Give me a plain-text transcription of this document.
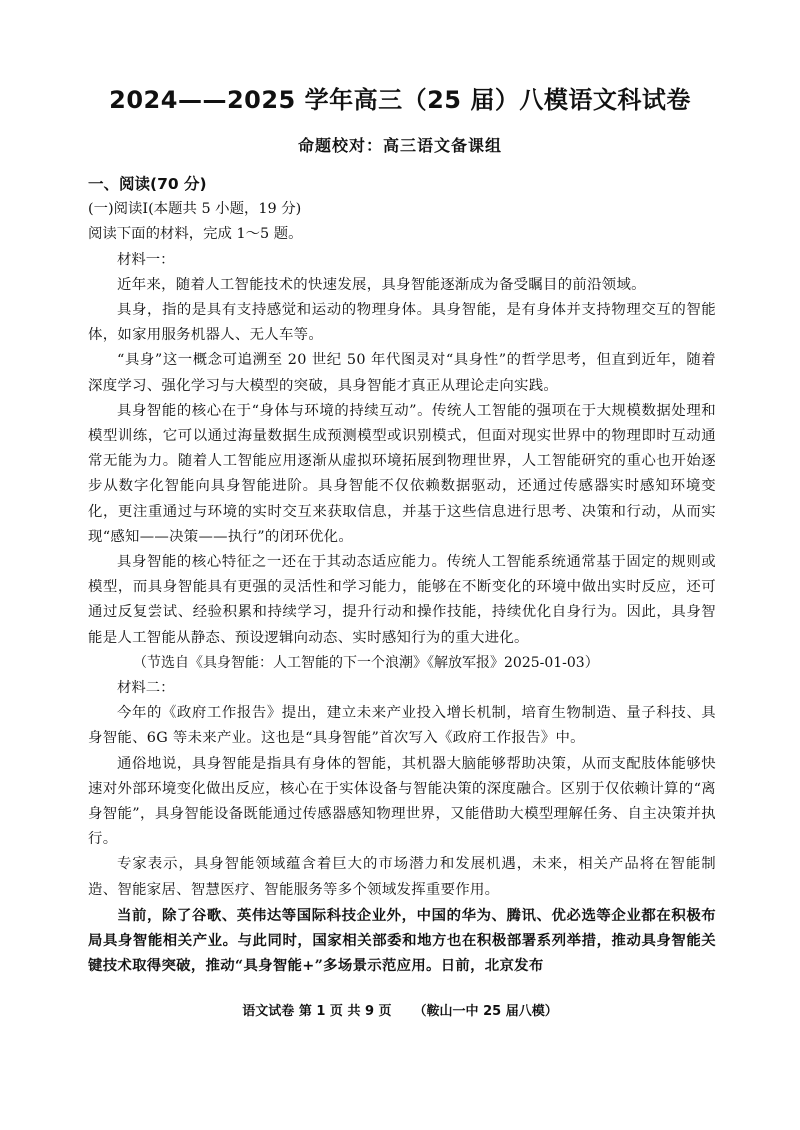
2024——2025 学年高三（25 届）八模语文科试卷
命题校对：高三语文备课组
一、阅读(70 分)
(一)阅读Ⅰ(本题共 5 小题，19 分)
阅读下面的材料，完成 1～5 题。
材料一：

近年来，随着人工智能技术的快速发展，具身智能逐渐成为备受瞩目的前沿领域。

具身，指的是具有支持感觉和运动的物理身体。具身智能，是有身体并支持物理交互的智能体，如家用服务机器人、无人车等。

“具身”这一概念可追溯至 20 世纪 50 年代图灵对“具身性”的哲学思考，但直到近年，随着深度学习、强化学习与大模型的突破，具身智能才真正从理论走向实践。

具身智能的核心在于“身体与环境的持续互动”。传统人工智能的强项在于大规模数据处理和模型训练，它可以通过海量数据生成预测模型或识别模式，但面对现实世界中的物理即时互动通常无能为力。随着人工智能应用逐渐从虚拟环境拓展到物理世界，人工智能研究的重心也开始逐步从数字化智能向具身智能进阶。具身智能不仅依赖数据驱动，还通过传感器实时感知环境变化，更注重通过与环境的实时交互来获取信息，并基于这些信息进行思考、决策和行动，从而实现“感知——决策——执行”的闭环优化。

具身智能的核心特征之一还在于其动态适应能力。传统人工智能系统通常基于固定的规则或模型，而具身智能具有更强的灵活性和学习能力，能够在不断变化的环境中做出实时反应，还可通过反复尝试、经验积累和持续学习，提升行动和操作技能，持续优化自身行为。因此，具身智能是人工智能从静态、预设逻辑向动态、实时感知行为的重大进化。

（节选自《具身智能：人工智能的下一个浪潮》《解放军报》2025-01-03）
材料二：

今年的《政府工作报告》提出，建立未来产业投入增长机制，培育生物制造、量子科技、具身智能、6G 等未来产业。这也是“具身智能”首次写入《政府工作报告》中。

通俗地说，具身智能是指具有身体的智能，其机器大脑能够帮助决策，从而支配肢体能够快速对外部环境变化做出反应，核心在于实体设备与智能决策的深度融合。区别于仅依赖计算的“离身智能”，具身智能设备既能通过传感器感知物理世界，又能借助大模型理解任务、自主决策并执行。

专家表示，具身智能领域蕴含着巨大的市场潜力和发展机遇，未来，相关产品将在智能制造、智能家居、智慧医疗、智能服务等多个领域发挥重要作用。

当前，除了谷歌、英伟达等国际科技企业外，中国的华为、腾讯、优必选等企业都在积极布局具身智能相关产业。与此同时，国家相关部委和地方也在积极部署系列举措，推动具身智能关键技术取得突破，推动“具身智能+”多场景示范应用。日前，北京发布

语文试卷 第 1 页 共 9 页 （鞍山一中 25 届八模）
